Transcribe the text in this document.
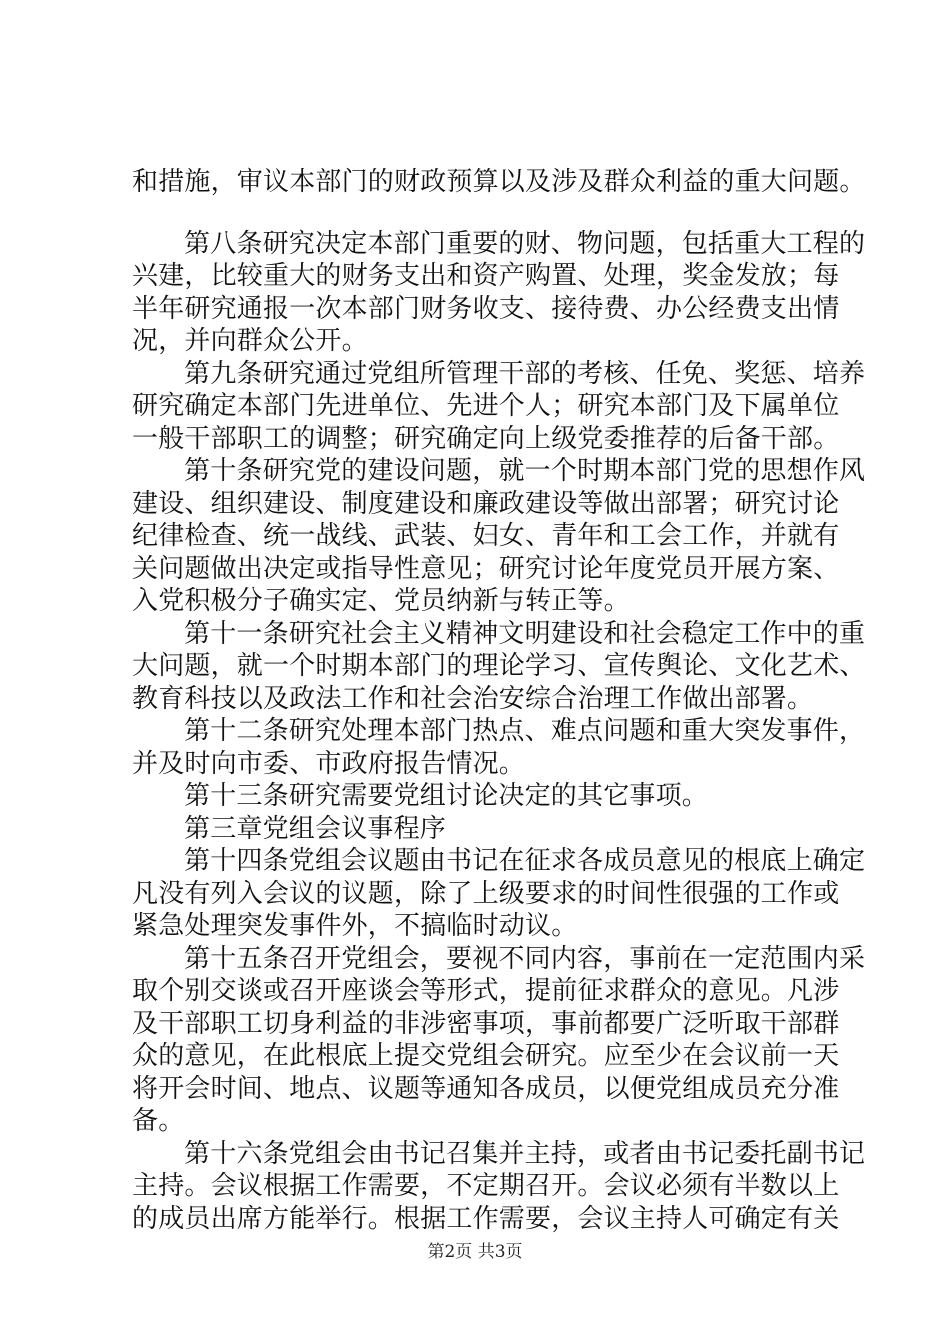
和措施，审议本部门的财政预算以及涉及群众利益的重大问题。
第八条研究决定本部门重要的财、物问题，包括重大工程的
兴建，比较重大的财务支出和资产购置、处理，奖金发放；每
半年研究通报一次本部门财务收支、接待费、办公经费支出情
况，并向群众公开。
第九条研究通过党组所管理干部的考核、任免、奖惩、培养
研究确定本部门先进单位、先进个人；研究本部门及下属单位
一般干部职工的调整；研究确定向上级党委推荐的后备干部。
第十条研究党的建设问题，就一个时期本部门党的思想作风
建设、组织建设、制度建设和廉政建设等做出部署；研究讨论
纪律检查、统一战线、武装、妇女、青年和工会工作，并就有
关问题做出决定或指导性意见；研究讨论年度党员开展方案、
入党积极分子确实定、党员纳新与转正等。
第十一条研究社会主义精神文明建设和社会稳定工作中的重
大问题，就一个时期本部门的理论学习、宣传舆论、文化艺术、
教育科技以及政法工作和社会治安综合治理工作做出部署。
第十二条研究处理本部门热点、难点问题和重大突发事件，
并及时向市委、市政府报告情况。
第十三条研究需要党组讨论决定的其它事项。
第三章党组会议事程序
第十四条党组会议题由书记在征求各成员意见的根底上确定
凡没有列入会议的议题，除了上级要求的时间性很强的工作或
紧急处理突发事件外，不搞临时动议。
第十五条召开党组会，要视不同内容，事前在一定范围内采
取个别交谈或召开座谈会等形式，提前征求群众的意见。凡涉
及干部职工切身利益的非涉密事项，事前都要广泛听取干部群
众的意见，在此根底上提交党组会研究。应至少在会议前一天
将开会时间、地点、议题等通知各成员，以便党组成员充分准
备。
第十六条党组会由书记召集并主持，或者由书记委托副书记
主持。会议根据工作需要，不定期召开。会议必须有半数以上
的成员出席方能举行。根据工作需要，会议主持人可确定有关
第2页 共3页
